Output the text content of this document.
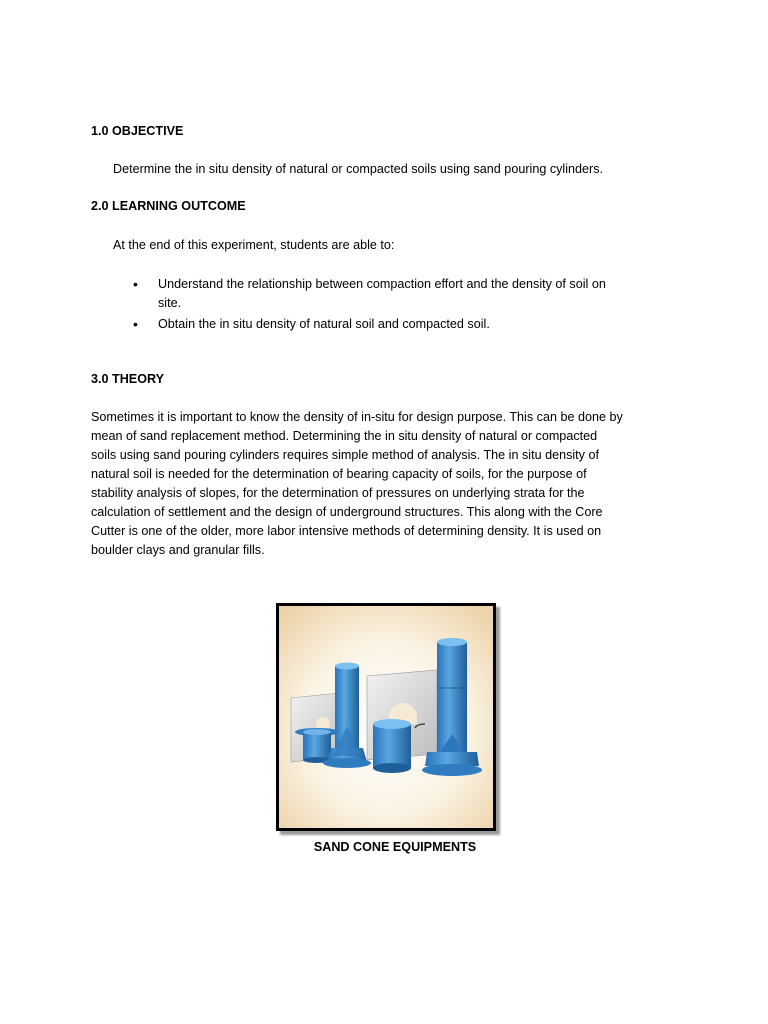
1.0 OBJECTIVE

Determine the in situ density of natural or compacted soils using sand pouring cylinders.

2.0 LEARNING OUTCOME

At the end of this experiment, students are able to:

• Understand the relationship between compaction effort and the density of soil on
site.
• Obtain the in situ density of natural soil and compacted soil.
3.0 THEORY

Sometimes it is important to know the density of in-situ for design purpose. This can be done by
mean of sand replacement method. Determining the in situ density of natural or compacted
soils using sand pouring cylinders requires simple method of analysis. The in situ density of
natural soil is needed for the determination of bearing capacity of soils, for the purpose of
stability analysis of slopes, for the determination of pressures on underlying strata for the
calculation of settlement and the design of underground structures. This along with the Core
Cutter is one of the older, more labor intensive methods of determining density. It is used on
boulder clays and granular fills.

SAND CONE EQUIPMENTS
